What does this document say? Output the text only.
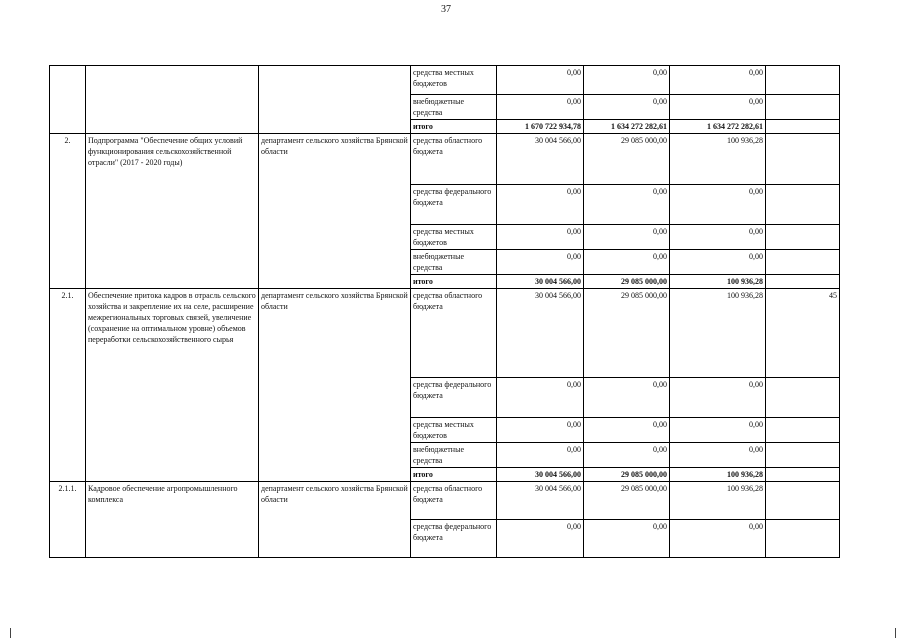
37
			средства местных бюджетов	0,00	0,00	0,00	
			внебюджетные средства	0,00	0,00	0,00	
			итого	1 670 722 934,78	1 634 272 282,61	1 634 272 282,61	
2.	Подпрограмма "Обеспечение общих условий функционирования сельскохозяйственной отрасли" (2017 - 2020 годы)	департамент сельского хозяйства Брянской области	средства областного бюджета	30 004 566,00	29 085 000,00	100 936,28	
			средства федерального бюджета	0,00	0,00	0,00	
			средства местных бюджетов	0,00	0,00	0,00	
			внебюджетные средства	0,00	0,00	0,00	
			итого	30 004 566,00	29 085 000,00	100 936,28	
2.1.	Обеспечение притока кадров в отрасль сельского хозяйства и закрепление их на селе, расширение межрегиональных торговых связей, увеличение (сохранение на оптимальном уровне) объемов переработки сельскохозяйственного сырья	департамент сельского хозяйства Брянской области	средства областного бюджета	30 004 566,00	29 085 000,00	100 936,28	45
			средства федерального бюджета	0,00	0,00	0,00	
			средства местных бюджетов	0,00	0,00	0,00	
			внебюджетные средства	0,00	0,00	0,00	
			итого	30 004 566,00	29 085 000,00	100 936,28	
2.1.1.	Кадровое обеспечение агропромышленного комплекса	департамент сельского хозяйства Брянской области	средства областного бюджета	30 004 566,00	29 085 000,00	100 936,28	
			средства федерального бюджета	0,00	0,00	0,00	
